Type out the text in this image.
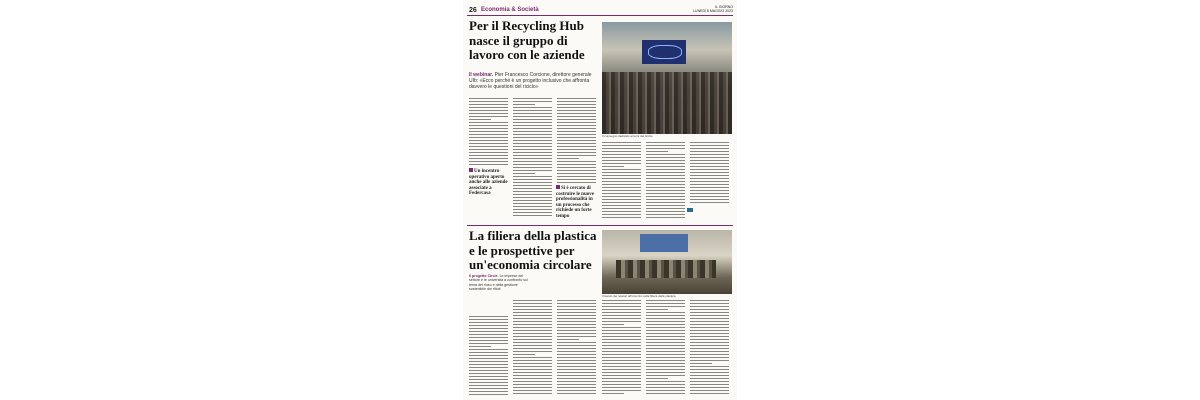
26 Economia & Società	IL GIORNO
LUNEDÌ 8 MAGGIO 2023
Per il Recycling Hub nasce il gruppo di lavoro con le aziende
Il webinar. Pier Francesco Corcione, direttore generale UIb: «Ecco perché è un progetto inclusivo che affronta davvero le questioni del riciclo»
Il convegno dedicato ai temi del riciclo
Un incentro operativo aperto anche alle aziende associate a Federcasa
Si è cercato di costruire le nuove professionalità in un processo che richiede un forte tempo
La filiera della plastica e le prospettive per un'economia circolare
Il progetto Circle. Le imprese del settore e le università a confronto sul tema del riuso e della gestione sostenibile dei rifiuti
Il tavolo dei relatori all'incontro sulla filiera della plastica
